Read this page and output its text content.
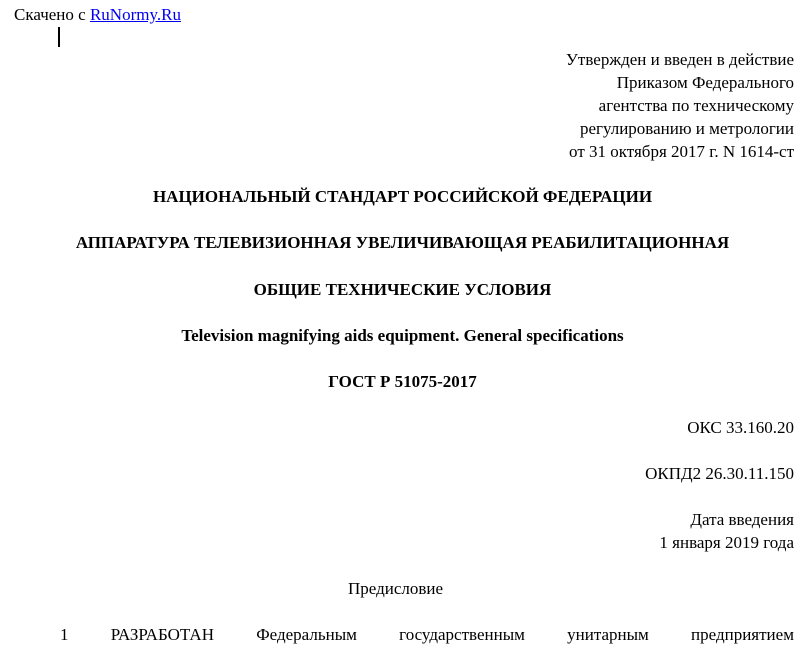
Скачено с RuNormy.Ru
Утвержден и введен в действие
Приказом Федерального
агентства по техническому
регулированию и метрологии
от 31 октября 2017 г. N 1614-ст
НАЦИОНАЛЬНЫЙ СТАНДАРТ РОССИЙСКОЙ ФЕДЕРАЦИИ
АППАРАТУРА ТЕЛЕВИЗИОННАЯ УВЕЛИЧИВАЮЩАЯ РЕАБИЛИТАЦИОННАЯ
ОБЩИЕ ТЕХНИЧЕСКИЕ УСЛОВИЯ
Television magnifying aids equipment. General specifications
ГОСТ Р 51075-2017
ОКС 33.160.20
ОКПД2 26.30.11.150
Дата введения
1 января 2019 года
Предисловие
1 РАЗРАБОТАН Федеральным государственным унитарным предприятием
